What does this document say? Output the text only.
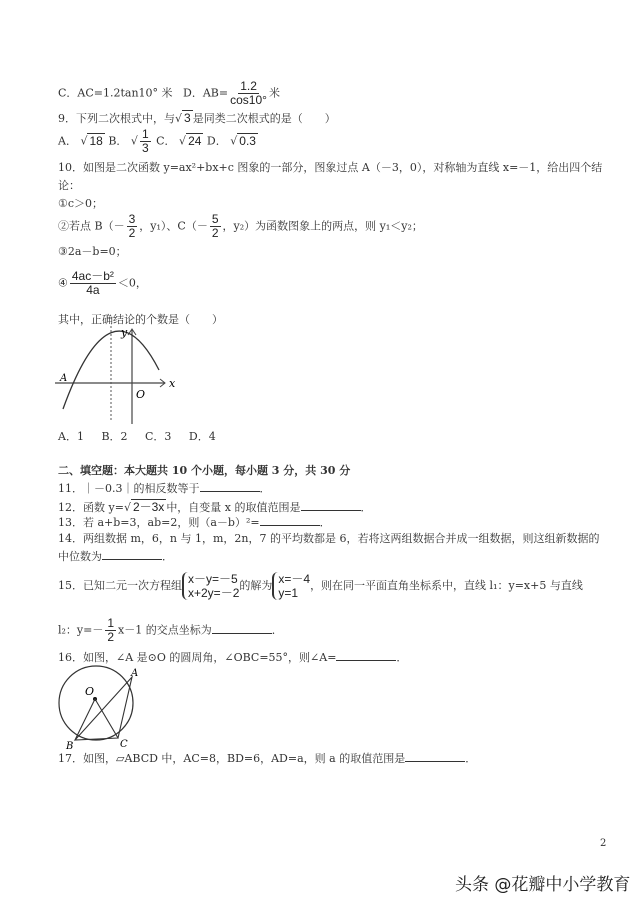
C．AC=1.2tan10° 米 D．$AB= \frac{1.2}{\cos 10^\circ}$ 米
9．下列二次根式中，与√ 3 是同类二次根式的是（　　）
A． √ 18 B． √ $\frac{1}{3}$ C． √ 24 D． √ 0.3
10．如图是二次函数 y=ax²+bx+c 图象的一部分，图象过点 A（－3，0），对称轴为直线 x=－1，给出四个结
论：
①c＞0；
②若点 $B(- \frac{3}{2}$ ，y₁）、$C(- \frac{5}{2}$ ，y₂）为函数图象上的两点，则 y₁＜y₂；
③2a－b=0；
④ $\frac{\text{4ac－b²}}{4a} <0$，
其中，正确结论的个数是（　　）
x
y
O
A
A．1 B．2 C．3 D．4
二、填空题：本大题共 10 个小题，每小题 3 分，共 30 分
11．｜－0.3｜的相反数等于	．
12．函数 y=√ 2－3x 中，自变量 x 的取值范围是	．
13．若 a+b=3，ab=2，则（a－b）²=	．
14．两组数据 m，6，n 与 1，m，2n，7 的平均数都是 6，若将这两组数据合并成一组数据，则这组新数据的
中位数为	．
15．已知二元一次方程组 x－y=－5
x+2y=－2
的解为 x=－4
y=1
，则在同一平面直角坐标系中，直线 l₁：y=x+5 与直线
l₂：$y=- \frac{1}{2} x-1$ 的交点坐标为	．
16．如图，∠A 是⊙O 的圆周角，∠OBC=55°，则∠A=	．
O
A
B	C
17．如图，▱ABCD 中，AC=8，BD=6，AD=a，则 a 的取值范围是	．
2
头条 @花瓣中小学教育
